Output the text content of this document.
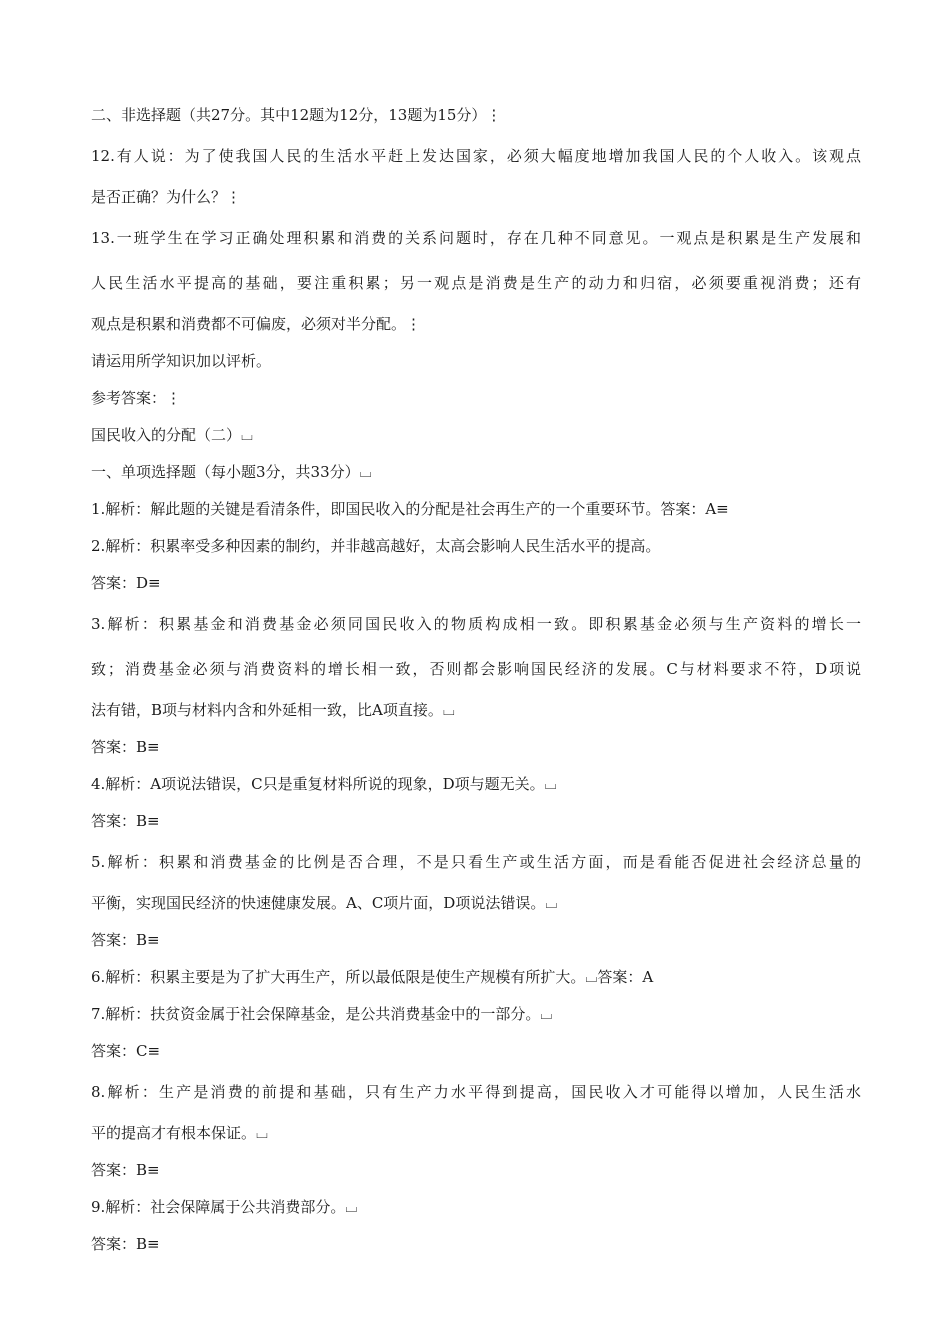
二、非选择题（共27分。其中12题为12分，13题为15分）⋮
12.有人说：为了使我国人民的生活水平赶上发达国家，必须大幅度地增加我国人民的个人收入。该观点
是否正确？为什么？⋮
13.一班学生在学习正确处理积累和消费的关系问题时，存在几种不同意见。一观点是积累是生产发展和
人民生活水平提高的基础，要注重积累；另一观点是消费是生产的动力和归宿，必须要重视消费；还有
观点是积累和消费都不可偏废，必须对半分配。⋮
请运用所学知识加以评析。
参考答案：⋮
国民收入的分配（二）⌴
一、单项选择题（每小题3分，共33分）⌴
1.解析：解此题的关键是看清条件，即国民收入的分配是社会再生产的一个重要环节。答案：A≡
2.解析：积累率受多种因素的制约，并非越高越好，太高会影响人民生活水平的提高。
答案：D≡
3.解析：积累基金和消费基金必须同国民收入的物质构成相一致。即积累基金必须与生产资料的增长一
致；消费基金必须与消费资料的增长相一致，否则都会影响国民经济的发展。C与材料要求不符，D项说
法有错，B项与材料内含和外延相一致，比A项直接。⌴
答案：B≡
4.解析：A项说法错误，C只是重复材料所说的现象，D项与题无关。⌴
答案：B≡
5.解析：积累和消费基金的比例是否合理，不是只看生产或生活方面，而是看能否促进社会经济总量的
平衡，实现国民经济的快速健康发展。A、C项片面，D项说法错误。⌴
答案：B≡
6.解析：积累主要是为了扩大再生产，所以最低限是使生产规模有所扩大。⌴答案：A
7.解析：扶贫资金属于社会保障基金，是公共消费基金中的一部分。⌴
答案：C≡
8.解析：生产是消费的前提和基础，只有生产力水平得到提高，国民收入才可能得以增加，人民生活水
平的提高才有根本保证。⌴
答案：B≡
9.解析：社会保障属于公共消费部分。⌴
答案：B≡
